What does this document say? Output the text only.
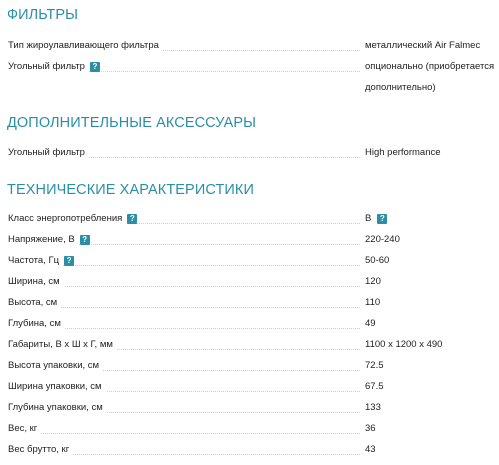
ФИЛЬТРЫ
Тип жироулавливающего фильтра	металлический Air Falmec
Угольный фильтр ?	опционально (приобретается
дополнительно)
ДОПОЛНИТЕЛЬНЫЕ АКСЕССУАРЫ
Угольный фильтр	High performance
ТЕХНИЧЕСКИЕ ХАРАКТЕРИСТИКИ
Класс энергопотребления ?	B	?
Напряжение, В ?	220-240
Частота, Гц ?	50-60
Ширина, см	120
Высота, см	110
Глубина, см	49
Габариты, В х Ш х Г, мм	1100 x 1200 x 490
Высота упаковки, см	72.5
Ширина упаковки, см	67.5
Глубина упаковки, см	133
Вес, кг	36
Вес брутто, кг	43
